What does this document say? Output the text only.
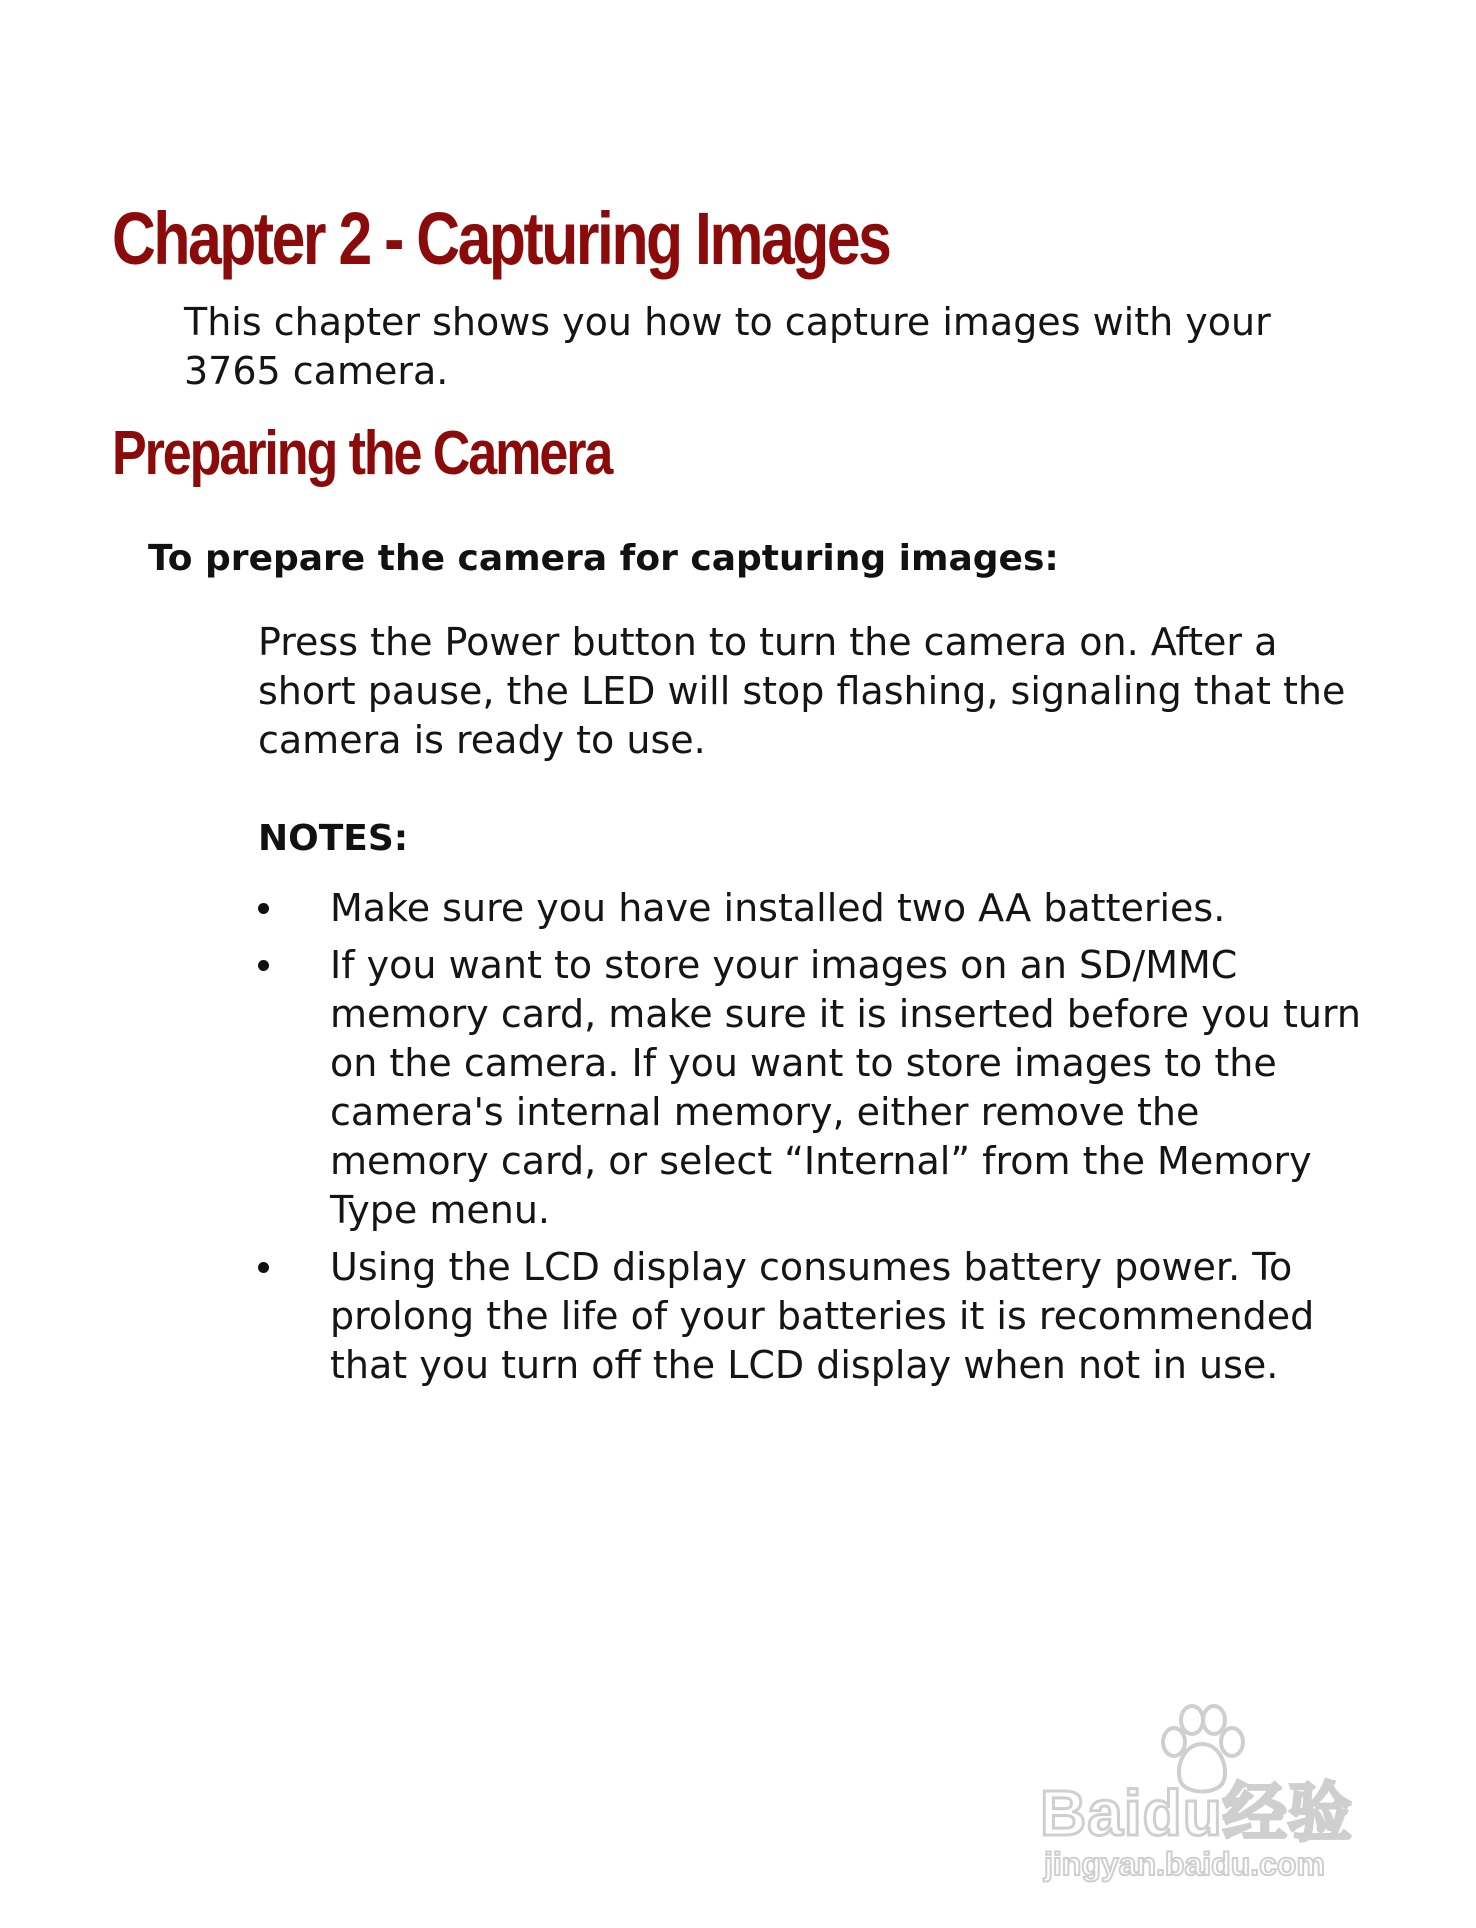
Chapter 2 - Capturing Images

This chapter shows you how to capture images with your 3765 camera.

Preparing the Camera

To prepare the camera for capturing images:

Press the Power button to turn the camera on. After a short pause, the LED will stop flashing, signaling that the camera is ready to use.

NOTES:

Make sure you have installed two AA batteries.
If you want to store your images on an SD/MMC memory card, make sure it is inserted before you turn on the camera. If you want to store images to the camera's internal memory, either remove the memory card, or select “Internal” from the Memory Type menu.
Using the LCD display consumes battery power. To prolong the life of your batteries it is recommended that you turn off the LCD display when not in use.
Baidu经验
jingyan.baidu.com
